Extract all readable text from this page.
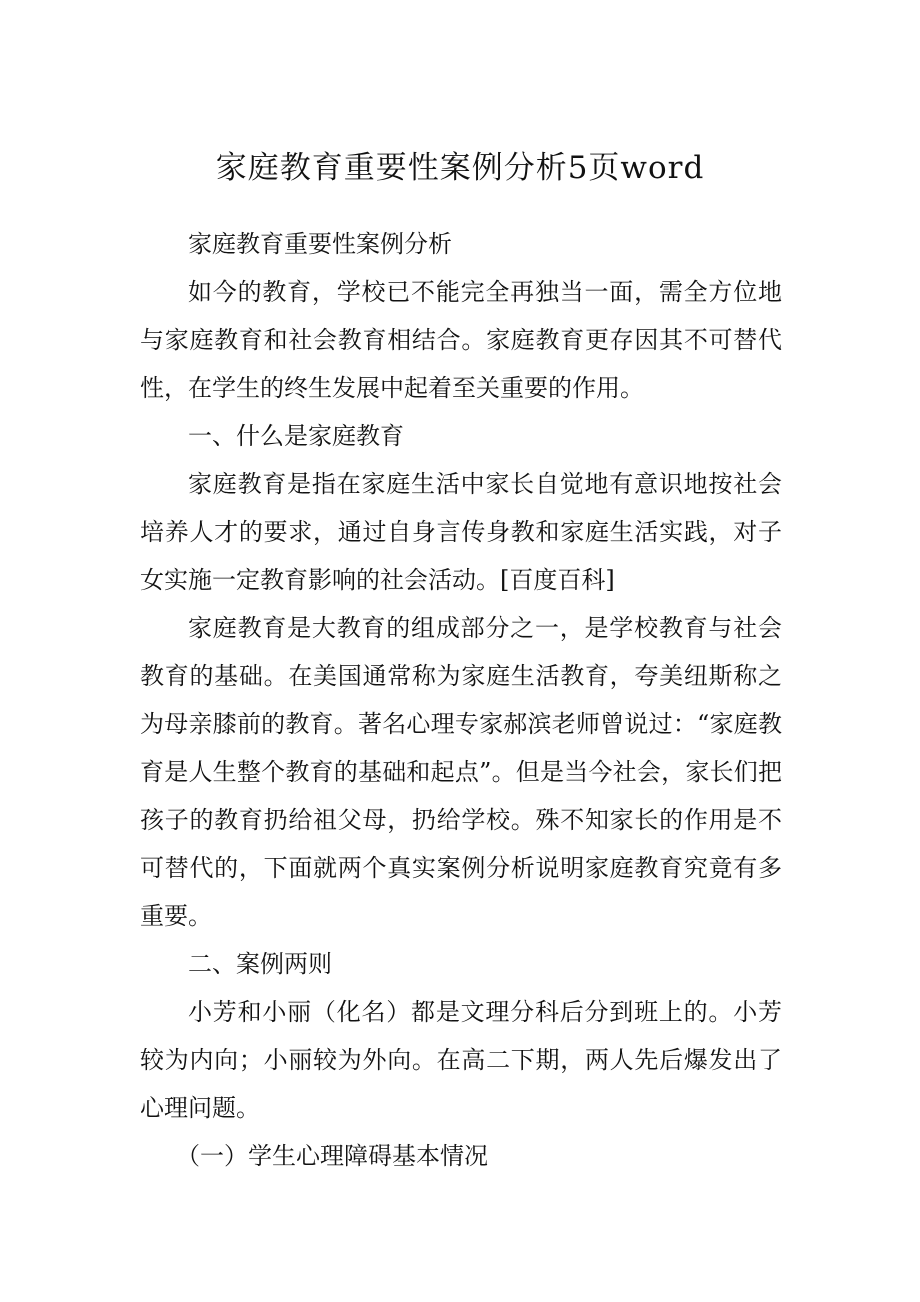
家庭教育重要性案例分析5页word

家庭教育重要性案例分析

如今的教育，学校已不能完全再独当一面，需全方位地与家庭教育和社会教育相结合。家庭教育更存因其不可替代性，在学生的终生发展中起着至关重要的作用。

一、什么是家庭教育

家庭教育是指在家庭生活中家长自觉地有意识地按社会培养人才的要求，通过自身言传身教和家庭生活实践，对子女实施一定教育影响的社会活动。[百度百科]

家庭教育是大教育的组成部分之一，是学校教育与社会教育的基础。在美国通常称为家庭生活教育，夸美纽斯称之为母亲膝前的教育。著名心理专家郝滨老师曾说过：“家庭教育是人生整个教育的基础和起点”。但是当今社会，家长们把孩子的教育扔给祖父母，扔给学校。殊不知家长的作用是不可替代的，下面就两个真实案例分析说明家庭教育究竟有多重要。

二、案例两则

小芳和小丽（化名）都是文理分科后分到班上的。小芳较为内向；小丽较为外向。在高二下期，两人先后爆发出了心理问题。

（一）学生心理障碍基本情况
